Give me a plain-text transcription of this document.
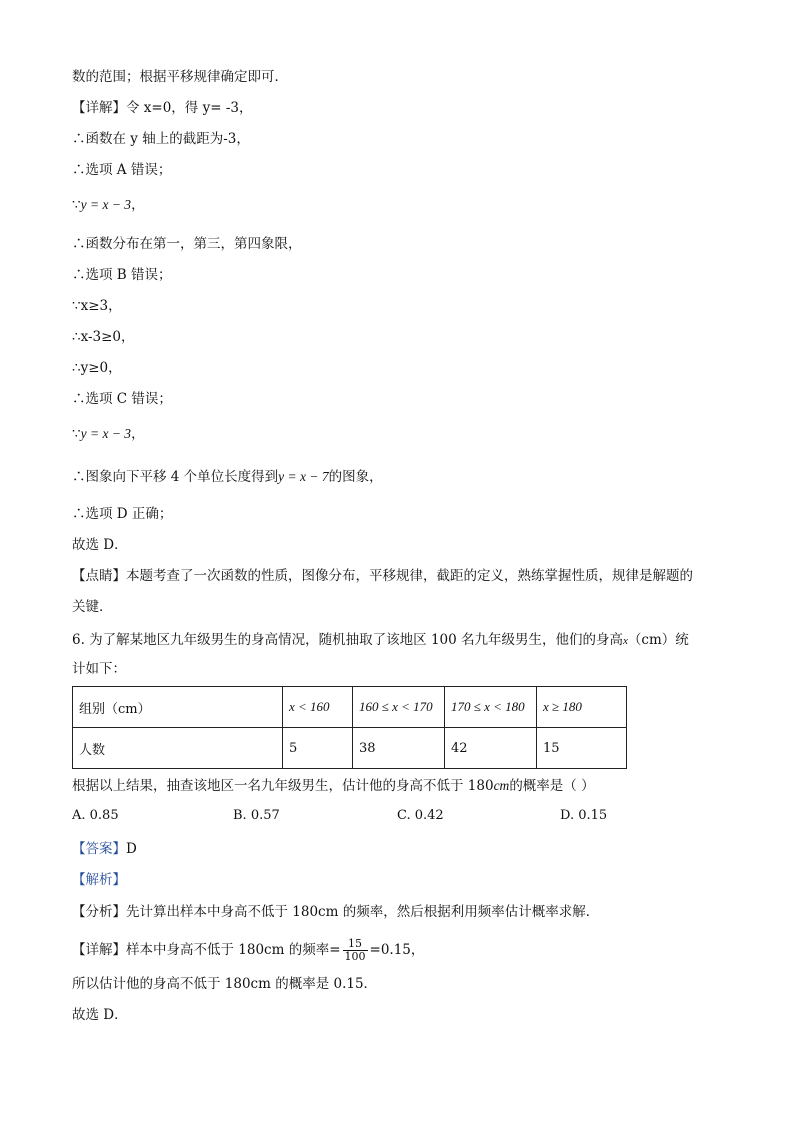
数的范围；根据平移规律确定即可．
【详解】令 x=0，得 y= -3，
∴函数在 y 轴上的截距为-3，
∴选项 A 错误；
∵y = x − 3，
∴函数分布在第一，第三，第四象限，
∴选项 B 错误；
∵x≥3，
∴x-3≥0，
∴y≥0，
∴选项 C 错误；
∵y = x − 3，
∴图象向下平移 4 个单位长度得到y = x − 7的图象，
∴选项 D 正确；
故选 D．
【点睛】本题考查了一次函数的性质，图像分布，平移规律，截距的定义，熟练掌握性质，规律是解题的
关键．
6. 为了解某地区九年级男生的身高情况，随机抽取了该地区 100 名九年级男生，他们的身高x（cm）统
计如下：
组别（cm）	x < 160	160 ≤ x < 170	170 ≤ x < 180	x ≥ 180
人数	5	38	42	15
根据以上结果，抽查该地区一名九年级男生，估计他的身高不低于 180cm的概率是（ ）
A. 0.85	B. 0.57	C. 0.42	D. 0.15
【答案】D
【解析】
【分析】先计算出样本中身高不低于 180cm 的频率，然后根据利用频率估计概率求解．
【详解】样本中身高不低于 180cm 的频率= $\frac{15}{100} =0.15$，
所以估计他的身高不低于 180cm 的概率是 0.15．
故选 D．
